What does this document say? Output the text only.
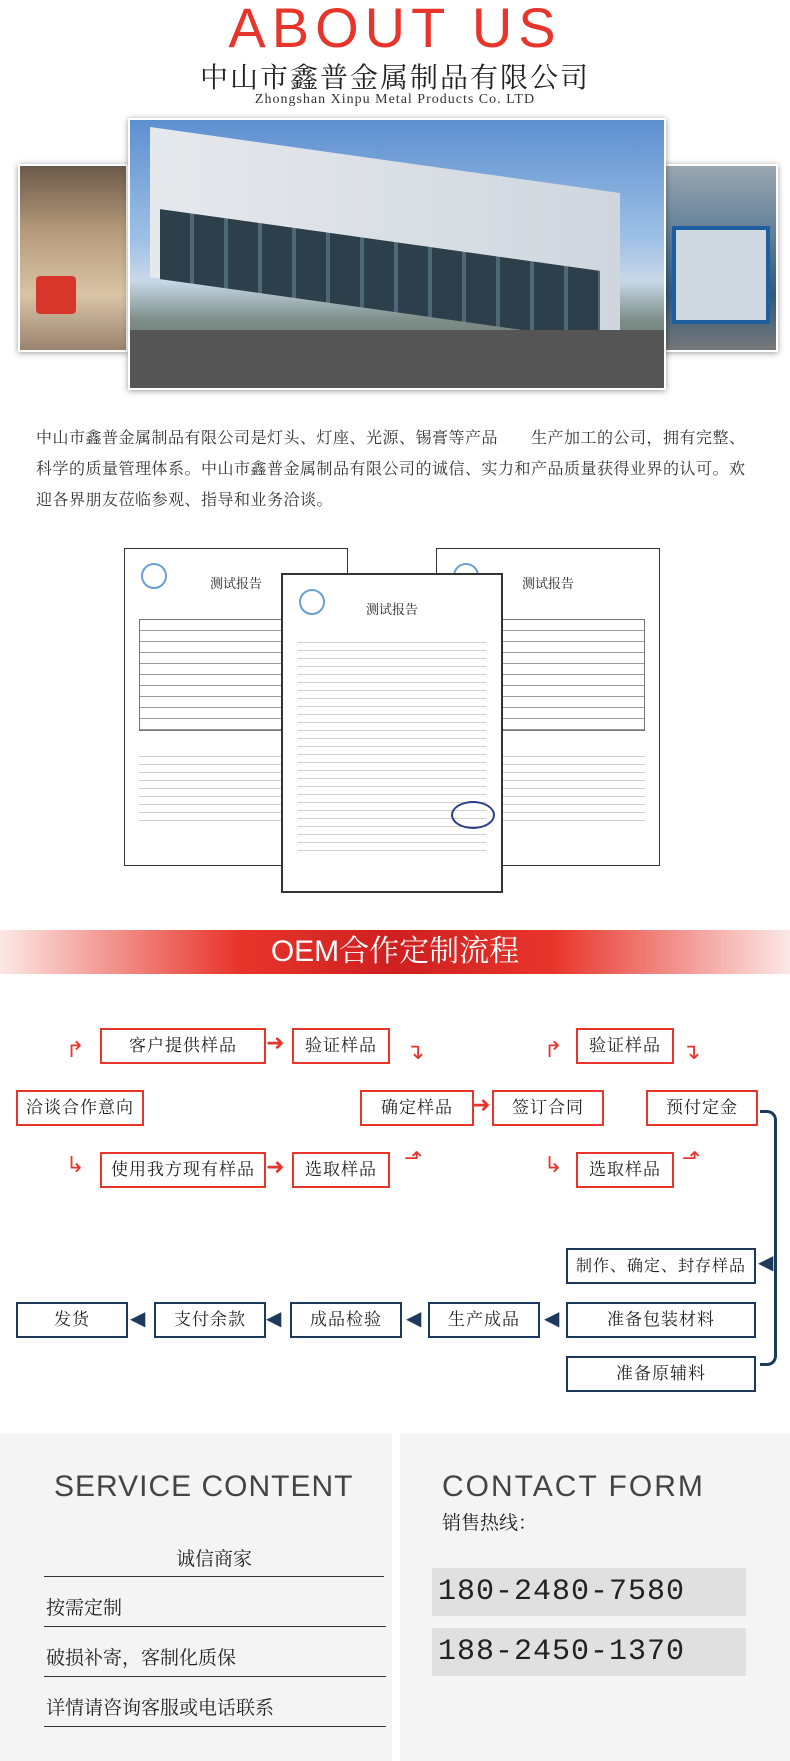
ABOUT US
中山市鑫普金属制品有限公司
Zhongshan Xinpu Metal Products Co. LTD
中山市鑫普金属制品有限公司是灯头、灯座、光源、锡膏等产品　　生产加工的公司，拥有完整、科学的质量管理体系。中山市鑫普金属制品有限公司的诚信、实力和产品质量获得业界的认可。欢迎各界朋友莅临参观、指导和业务洽谈。
测试报告	测试报告
测试报告
OEM合作定制流程
洽谈合作意向
↱	客户提供样品	➜	验证样品	↴
↳	使用我方现有样品 ➜	选取样品	⬏
确定样品 ➜	签订合同
↱	验证样品 ↴
↳	选取样品 ⬏
预付定金
◀
制作、确定、封存样品
准备包装材料
准备原辅料
◀
生产成品
◀
成品检验
◀
支付余款
◀
发货
SERVICE CONTENT
诚信商家
按需定制
破损补寄，客制化质保
详情请咨询客服或电话联系
CONTACT FORM
销售热线：
180-2480-7580
188-2450-1370
